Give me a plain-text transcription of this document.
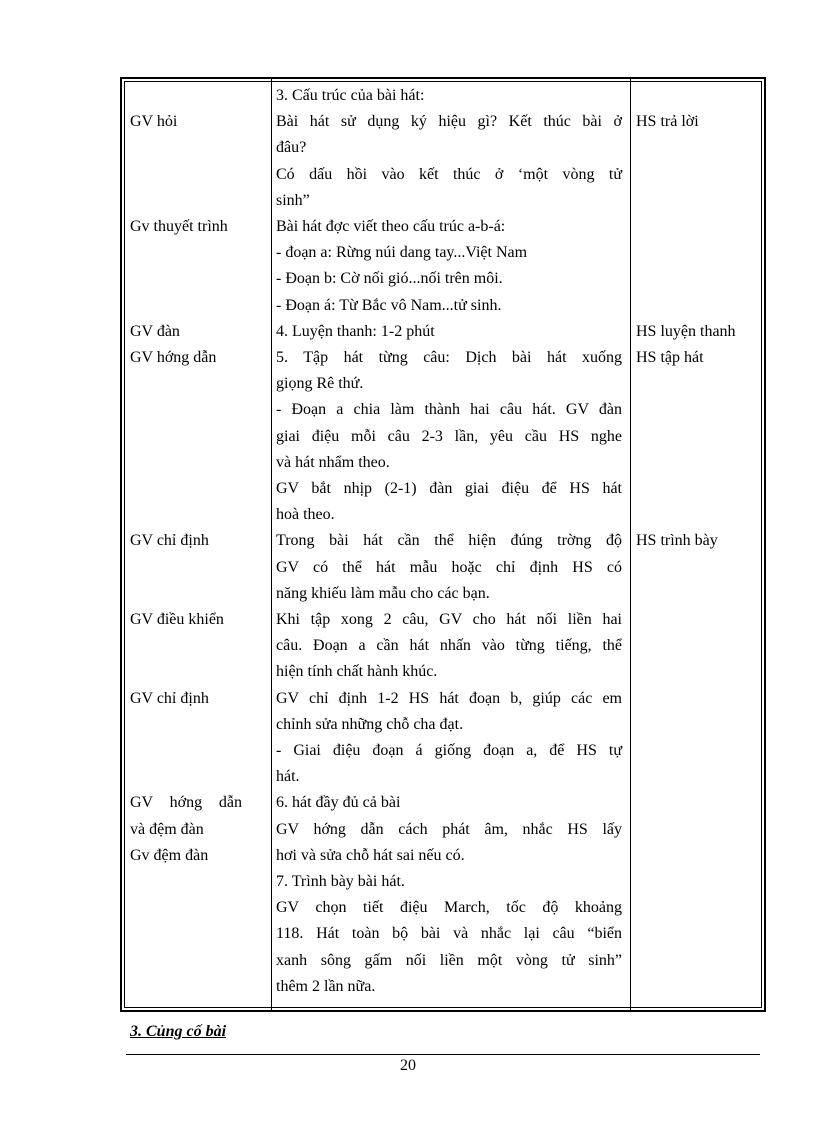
GV hỏi
Gv thuyết trình
GV đàn
GV hớng dẫn
GV chỉ định
GV điều khiển
GV chỉ định
GV hớng dẫn
và đệm đàn
Gv đệm đàn
3. Cấu trúc của bài hát:
Bài hát sử dụng ký hiệu gì? Kết thúc bài ở
đâu?
Có dấu hồi vào kết thúc ở ‘một vòng tử
sinh”
Bài hát đợc viết theo cấu trúc a-b-á:
- đoạn a: Rừng núi dang tay...Việt Nam
- Đoạn b: Cờ nối gió...nối trên môi.
- Đoạn á: Từ Bắc vô Nam...tử sinh.
4. Luyện thanh: 1-2 phút
5. Tập hát từng câu: Dịch bài hát xuống
giọng Rê thứ.
- Đoạn a chia làm thành hai câu hát. GV đàn
giai điệu mỗi câu 2-3 lần, yêu cầu HS nghe
và hát nhẩm theo.
GV bắt nhịp (2-1) đàn giai điệu để HS hát
hoà theo.
Trong bài hát cần thể hiện đúng trờng độ
GV có thể hát mẫu hoặc chỉ định HS có
năng khiếu làm mẫu cho các bạn.
Khi tập xong 2 câu, GV cho hát nối liền hai
câu. Đoạn a cần hát nhấn vào từng tiếng, thể
hiện tính chất hành khúc.
GV chỉ định 1-2 HS hát đoạn b, giúp các em
chỉnh sửa những chỗ cha đạt.
- Giai điệu đoạn á giống đoạn a, để HS tự
hát.
6. hát đầy đủ cả bài
GV hớng dẫn cách phát âm, nhắc HS lấy
hơi và sửa chỗ hát sai nếu có.
7. Trình bày bài hát.
GV chọn tiết điệu March, tốc độ khoảng
118. Hát toàn bộ bài và nhắc lại câu “biển
xanh sông gấm nối liền một vòng tử sinh”
thêm 2 lần nữa.
HS trả lời
HS luyện thanh
HS tập hát
HS trình bày
3. Củng cố bài
20
